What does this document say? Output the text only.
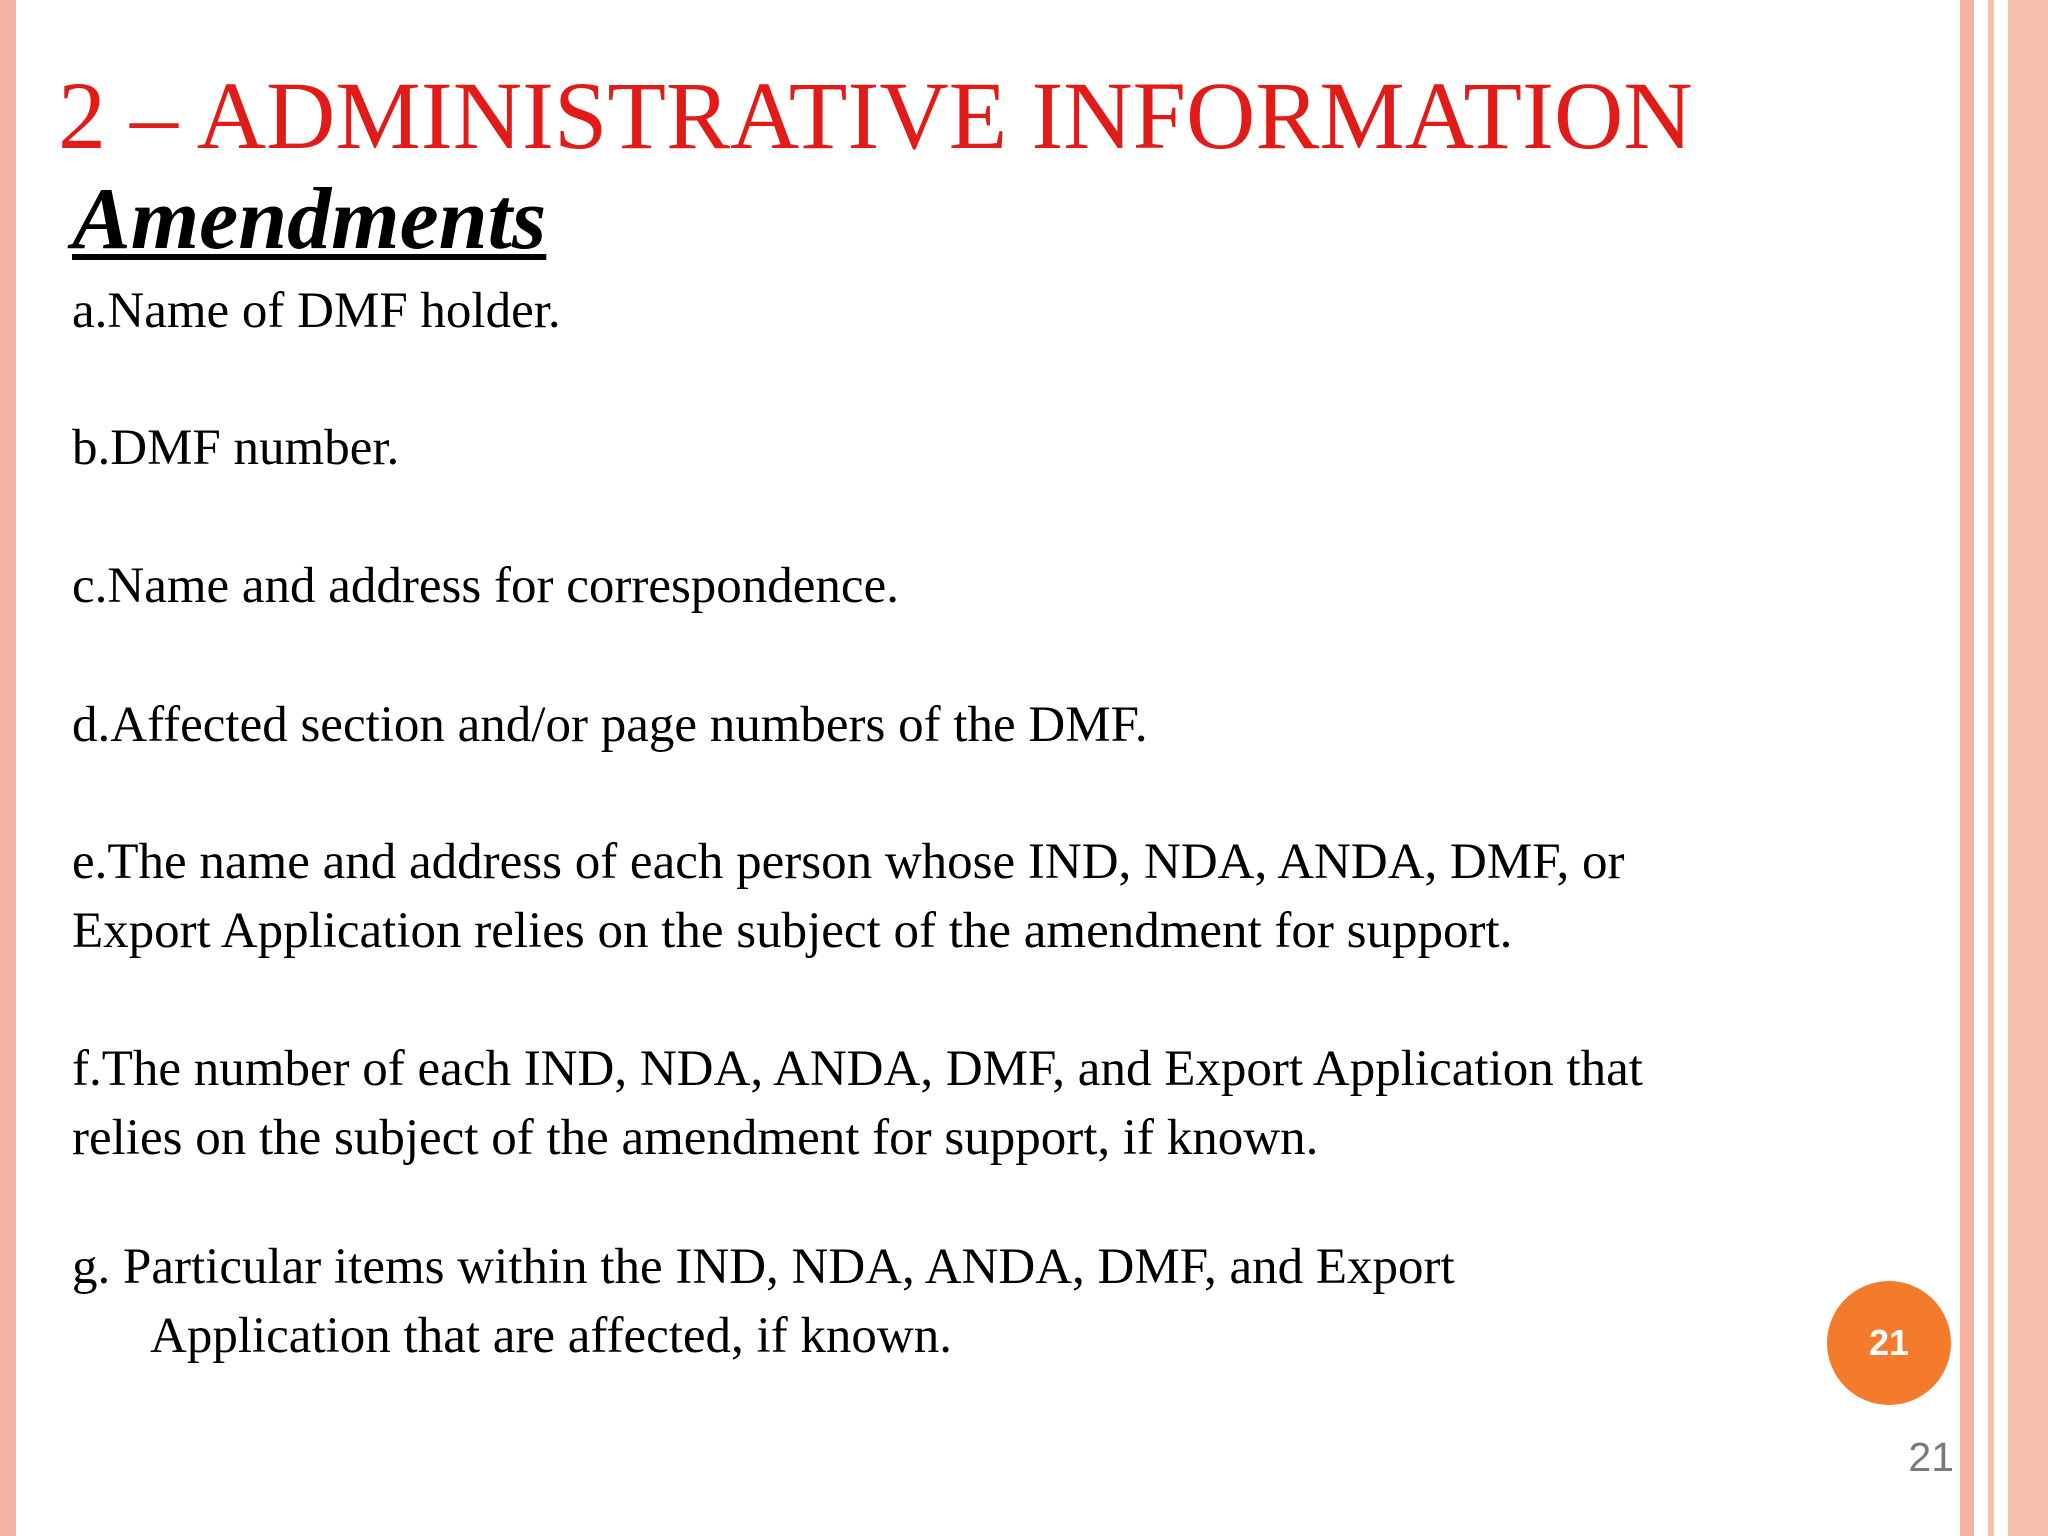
2 – ADMINISTRATIVE INFORMATION
Amendments

a.Name of DMF holder.

b.DMF number.

c.Name and address for correspondence.

d.Affected section and/or page numbers of the DMF.

e.The name and address of each person whose IND, NDA, ANDA, DMF, or

Export Application relies on the subject of the amendment for support.

f.The number of each IND, NDA, ANDA, DMF, and Export Application that

relies on the subject of the amendment for support, if known.

g. Particular items within the IND, NDA, ANDA, DMF, and Export

Application that are affected, if known.	21
21
